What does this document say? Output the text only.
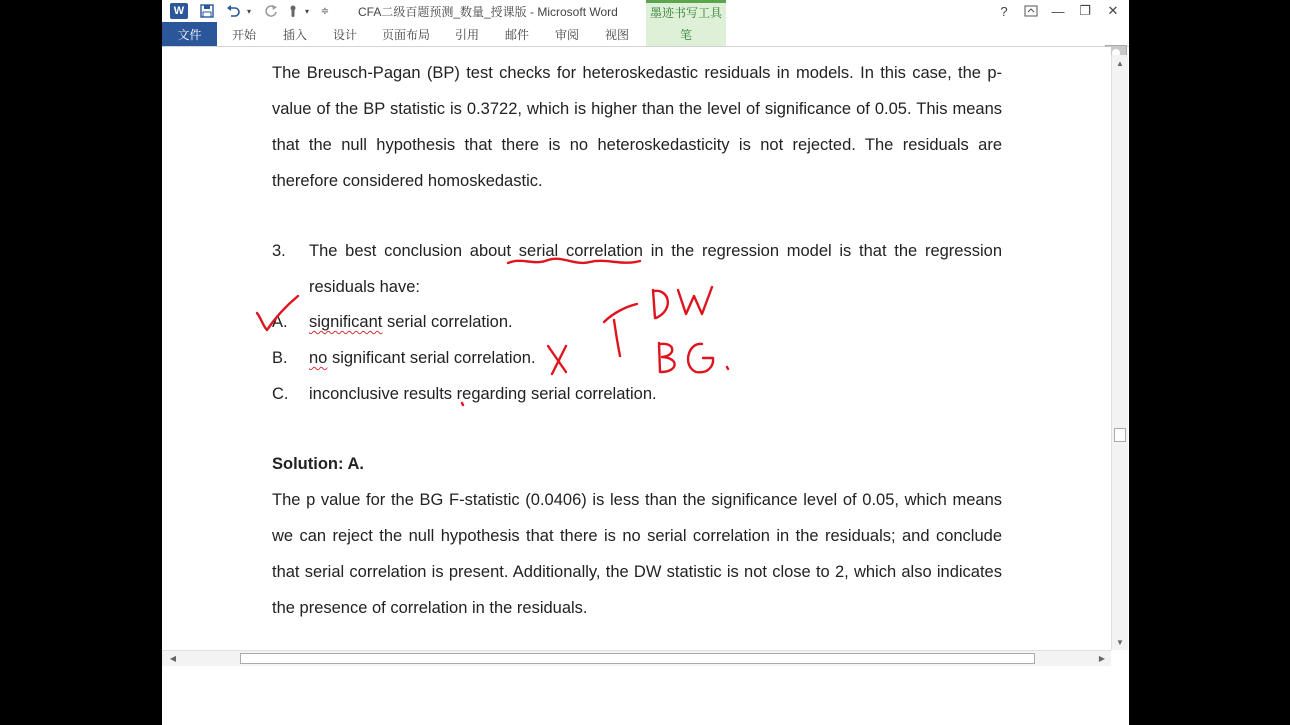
W	▾	▾	≑ CFA二级百题预测_数量_授课版 - Microsoft Word	墨迹书写工具	?	—	❐	✕
文件	开始	插入	设计	页面布局	引用	邮件	审阅	视图	笔
The Breusch-Pagan (BP) test checks for heteroskedastic residuals in models. In this case, the p-value of the BP statistic is 0.3722, which is higher than the level of significance of 0.05. This means that the null hypothesis that there is no heteroskedasticity is not rejected. The residuals are therefore considered homoskedastic.
3. The best conclusion about serial correlation in the regression model is that the regression residuals have:
A. significant serial correlation.
B. no significant serial correlation.
C. inconclusive results regarding serial correlation.
Solution: A.
The p value for the BG F-statistic (0.0406) is less than the significance level of 0.05, which means we can reject the null hypothesis that there is no serial correlation in the residuals; and conclude that serial correlation is present. Additionally, the DW statistic is not close to 2, which also indicates the presence of correlation in the residuals.
▲
▼
◀	▶
